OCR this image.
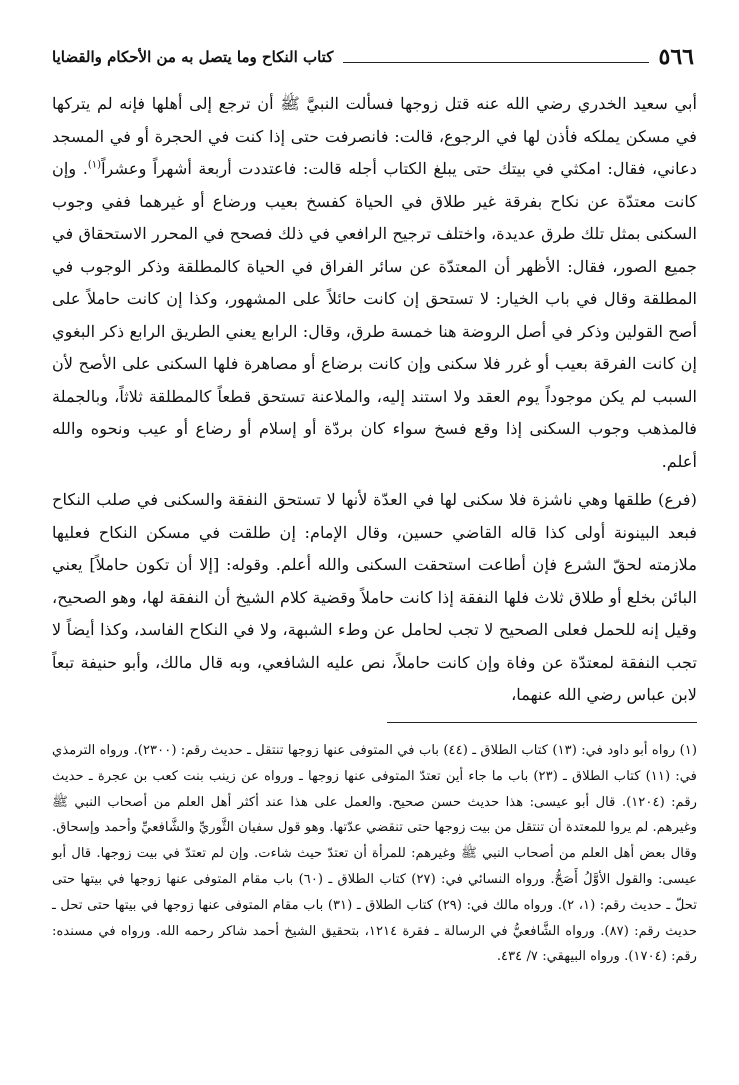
٥٦٦
كتاب النكاح وما يتصل به من الأحكام والقضايا

أبي سعيد الخدري رضي الله عنه قتل زوجها فسألت النبيَّ ﷺ أن ترجع إلى أهلها فإنه لم يتركها في مسكن يملكه فأذن لها في الرجوع، قالت: فانصرفت حتى إذا كنت في الحجرة أو في المسجد دعاني، فقال: امكثي في بيتك حتى يبلغ الكتاب أجله قالت: فاعتددت أربعة أشهراً وعشراً$^{(١)}$. وإن كانت معتدّة عن نكاح بفرقة غير طلاق في الحياة كفسخ بعيب ورضاع أو غيرهما ففي وجوب السكنى بمثل تلك طرق عديدة، واختلف ترجيح الرافعي في ذلك فصحح في المحرر الاستحقاق في جميع الصور، فقال: الأظهر أن المعتدّة عن سائر الفراق في الحياة كالمطلقة وذكر الوجوب في المطلقة وقال في باب الخيار: لا تستحق إن كانت حائلاً على المشهور، وكذا إن كانت حاملاً على أصح القولين وذكر في أصل الروضة هنا خمسة طرق، وقال: الرابع يعني الطريق الرابع ذكر البغوي إن كانت الفرقة بعيب أو غرر فلا سكنى وإن كانت برضاع أو مصاهرة فلها السكنى على الأصح لأن السبب لم يكن موجوداً يوم العقد ولا استند إليه، والملاعنة تستحق قطعاً كالمطلقة ثلاثاً، وبالجملة فالمذهب وجوب السكنى إذا وقع فسخ سواء كان بردّة أو إسلام أو رضاع أو عيب ونحوه والله أعلم.

(فرع) طلقها وهي ناشزة فلا سكنى لها في العدّة لأنها لا تستحق النفقة والسكنى في صلب النكاح فبعد البينونة أولى كذا قاله القاضي حسين، وقال الإمام: إن طلقت في مسكن النكاح فعليها ملازمته لحقّ الشرع فإن أطاعت استحقت السكنى والله أعلم. وقوله: [إلا أن تكون حاملاً] يعني البائن بخلع أو طلاق ثلاث فلها النفقة إذا كانت حاملاً وقضية كلام الشيخ أن النفقة لها، وهو الصحيح، وقيل إنه للحمل فعلى الصحيح لا تجب لحامل عن وطء الشبهة، ولا في النكاح الفاسد، وكذا أيضاً لا تجب النفقة لمعتدّة عن وفاة وإن كانت حاملاً، نص عليه الشافعي، وبه قال مالك، وأبو حنيفة تبعاً لابن عباس رضي الله عنهما،

(١) رواه أبو داود في: (١٣) كتاب الطلاق ـ (٤٤) باب في المتوفى عنها زوجها تنتقل ـ حديث رقم: (٢٣٠٠). ورواه الترمذي في: (١١) كتاب الطلاق ـ (٢٣) باب ما جاء أين تعتدّ المتوفى عنها زوجها ـ ورواه عن زينب بنت كعب بن عجرة ـ حديث رقم: (١٢٠٤). قال أبو عيسى: هذا حديث حسن صحيح. والعمل على هذا عند أكثر أهل العلم من أصحاب النبي ﷺ وغيرهم. لم يروا للمعتدة أن تنتقل من بيت زوجها حتى تنقضي عدّتها. وهو قول سفيان الثَّوريِّ والشَّافعيِّ وأحمد وإسحاق. وقال بعض أهل العلم من أصحاب النبي ﷺ وغيرهم: للمرأة أن تعتدّ حيث شاءت. وإن لم تعتدّ في بيت زوجها. قال أبو عيسى: والقول الأوَّلُ أَصَحُّ. ورواه النسائي في: (٢٧) كتاب الطلاق ـ (٦٠) باب مقام المتوفى عنها زوجها في بيتها حتى تحلّ ـ حديث رقم: (١، ٢). ورواه مالك في: (٢٩) كتاب الطلاق ـ (٣١) باب مقام المتوفى عنها زوجها في بيتها حتى تحل ـ حديث رقم: (٨٧). ورواه الشَّافعيُّ في الرسالة ـ فقرة ١٢١٤، بتحقيق الشيخ أحمد شاكر رحمه الله. ورواه في مسنده: رقم: (١٧٠٤). ورواه البيهقي: ٧/ ٤٣٤.
